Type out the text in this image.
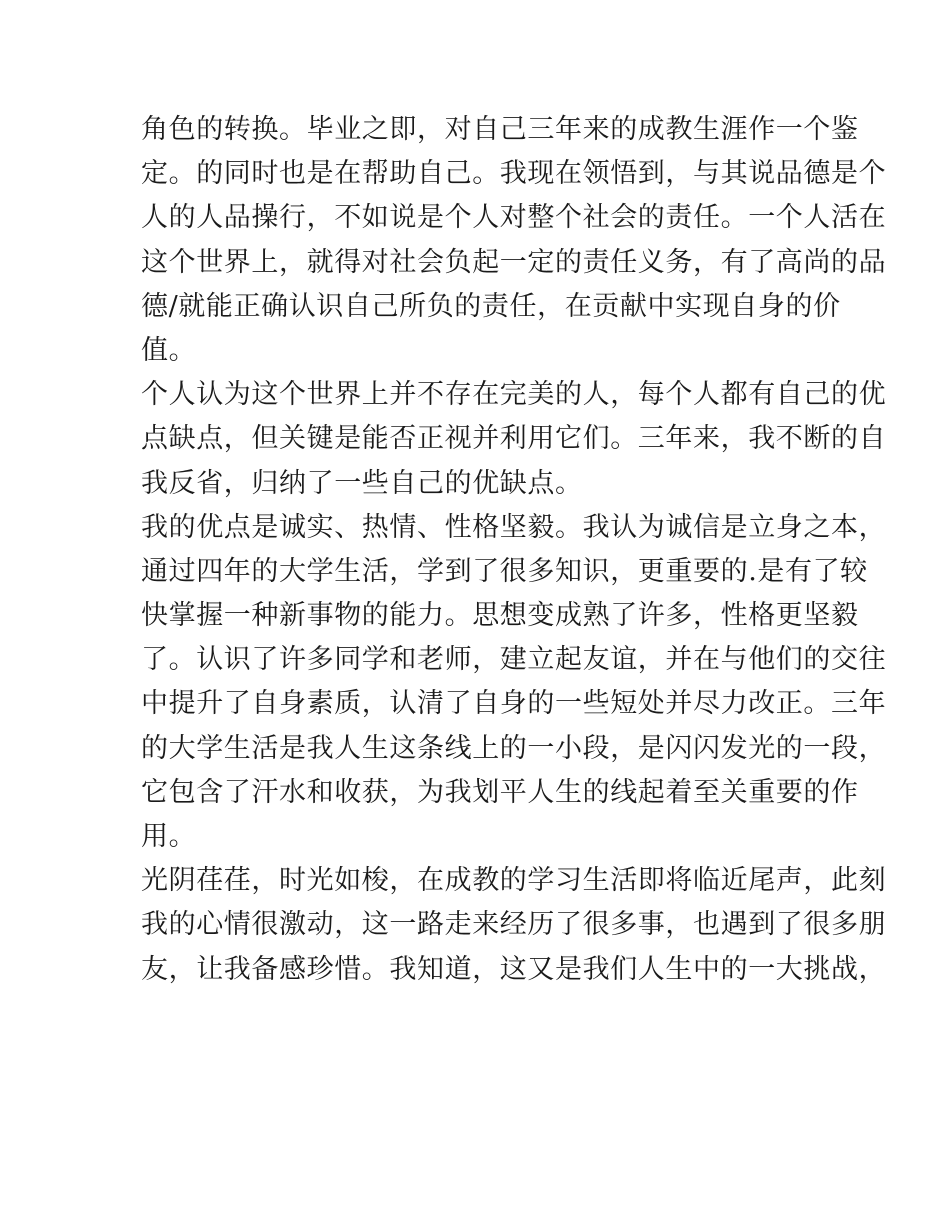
角色的转换。毕业之即，对自己三年来的成教生涯作一个鉴
定。的同时也是在帮助自己。我现在领悟到，与其说品德是个
人的人品操行，不如说是个人对整个社会的责任。一个人活在
这个世界上，就得对社会负起一定的责任义务，有了高尚的品
德/就能正确认识自己所负的责任，在贡献中实现自身的价
值。
个人认为这个世界上并不存在完美的人，每个人都有自己的优
点缺点，但关键是能否正视并利用它们。三年来，我不断的自
我反省，归纳了一些自己的优缺点。
我的优点是诚实、热情、性格坚毅。我认为诚信是立身之本，
通过四年的大学生活，学到了很多知识，更重要的.是有了较
快掌握一种新事物的能力。思想变成熟了许多，性格更坚毅
了。认识了许多同学和老师，建立起友谊，并在与他们的交往
中提升了自身素质，认清了自身的一些短处并尽力改正。三年
的大学生活是我人生这条线上的一小段，是闪闪发光的一段，
它包含了汗水和收获，为我划平人生的线起着至关重要的作
用。
光阴荏荏，时光如梭，在成教的学习生活即将临近尾声，此刻
我的心情很激动，这一路走来经历了很多事，也遇到了很多朋
友，让我备感珍惜。我知道，这又是我们人生中的一大挑战，
